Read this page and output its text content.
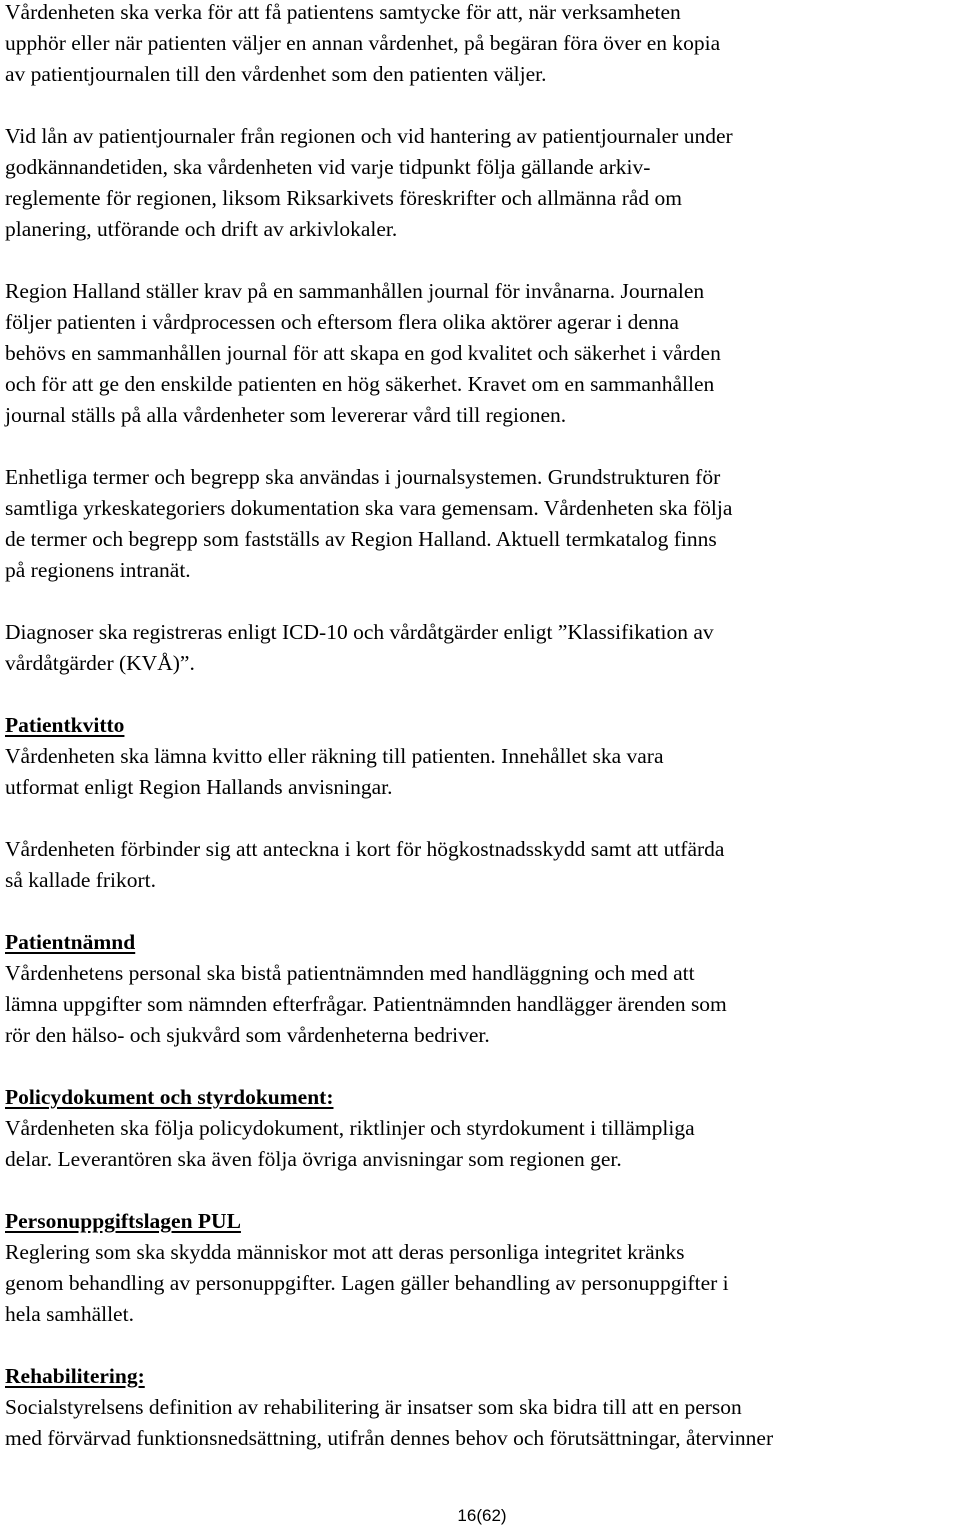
Vårdenheten ska verka för att få patientens samtycke för att, när verksamheten
upphör eller när patienten väljer en annan vårdenhet, på begäran föra över en kopia
av patientjournalen till den vårdenhet som den patienten väljer.

Vid lån av patientjournaler från regionen och vid hantering av patientjournaler under
godkännandetiden, ska vårdenheten vid varje tidpunkt följa gällande arkiv-
reglemente för regionen, liksom Riksarkivets föreskrifter och allmänna råd om
planering, utförande och drift av arkivlokaler.

Region Halland ställer krav på en sammanhållen journal för invånarna. Journalen
följer patienten i vårdprocessen och eftersom flera olika aktörer agerar i denna
behövs en sammanhållen journal för att skapa en god kvalitet och säkerhet i vården
och för att ge den enskilde patienten en hög säkerhet. Kravet om en sammanhållen
journal ställs på alla vårdenheter som levererar vård till regionen.

Enhetliga termer och begrepp ska användas i journalsystemen. Grundstrukturen för
samtliga yrkeskategoriers dokumentation ska vara gemensam. Vårdenheten ska följa
de termer och begrepp som fastställs av Region Halland. Aktuell termkatalog finns
på regionens intranät.

Diagnoser ska registreras enligt ICD-10 och vårdåtgärder enligt ”Klassifikation av
vårdåtgärder (KVÅ)”.

Patientkvitto
Vårdenheten ska lämna kvitto eller räkning till patienten. Innehållet ska vara
utformat enligt Region Hallands anvisningar.
Vårdenheten förbinder sig att anteckna i kort för högkostnadsskydd samt att utfärda
så kallade frikort.
Patientnämnd
Vårdenhetens personal ska bistå patientnämnden med handläggning och med att
lämna uppgifter som nämnden efterfrågar. Patientnämnden handlägger ärenden som
rör den hälso- och sjukvård som vårdenheterna bedriver.
Policydokument och styrdokument:
Vårdenheten ska följa policydokument, riktlinjer och styrdokument i tillämpliga
delar. Leverantören ska även följa övriga anvisningar som regionen ger.
Personuppgiftslagen PUL
Reglering som ska skydda människor mot att deras personliga integritet kränks
genom behandling av personuppgifter. Lagen gäller behandling av personuppgifter i
hela samhället.
Rehabilitering:
Socialstyrelsens definition av rehabilitering är insatser som ska bidra till att en person
med förvärvad funktionsnedsättning, utifrån dennes behov och förutsättningar, återvinner
16(62)
